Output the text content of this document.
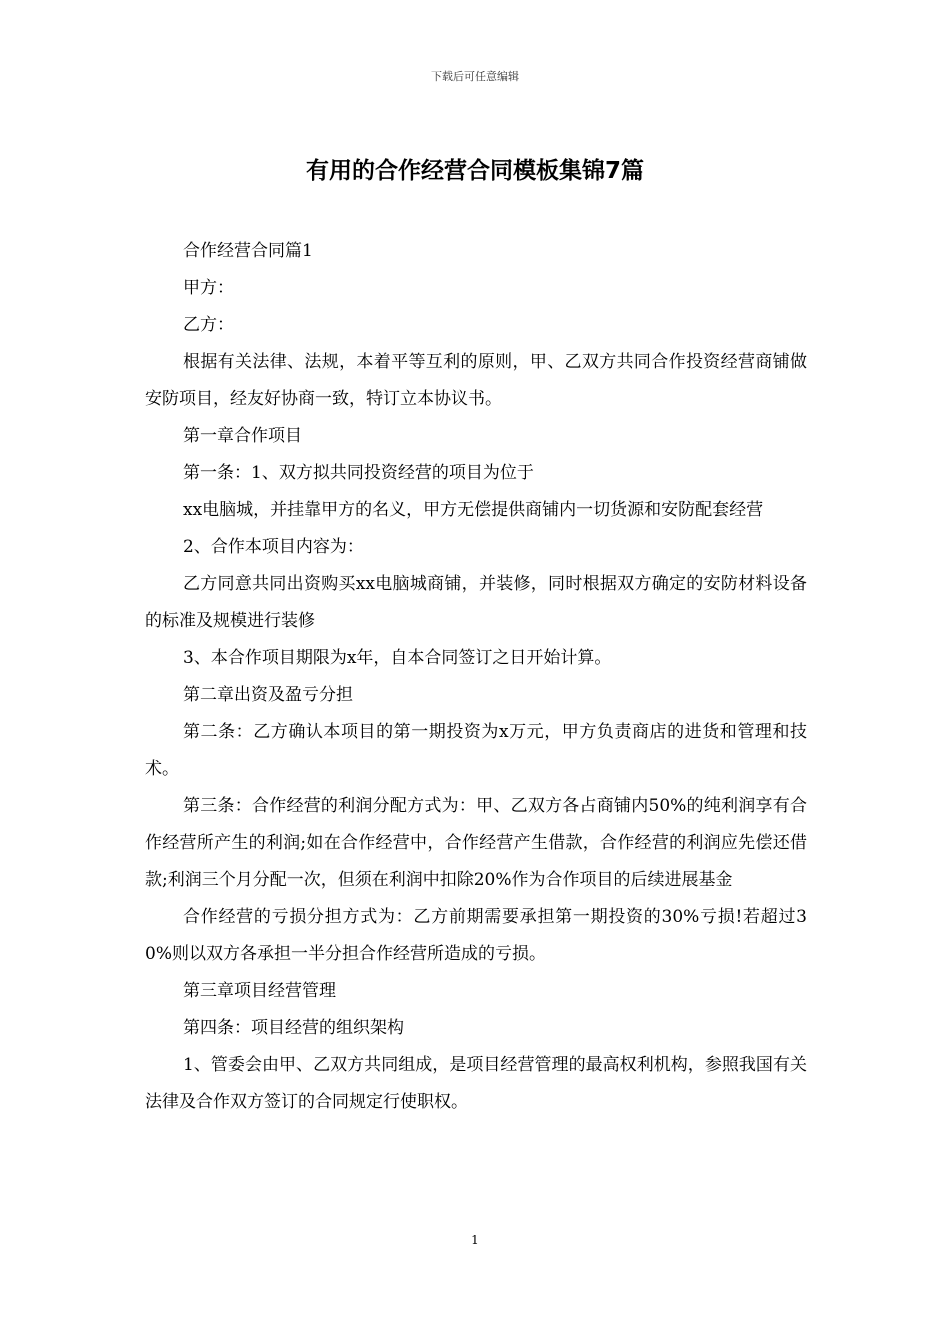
下载后可任意编辑
有用的合作经营合同模板集锦7篇

合作经营合同篇1

甲方：

乙方：

根据有关法律、法规，本着平等互利的原则，甲、乙双方共同合作投资经营商铺做安防项目，经友好协商一致，特订立本协议书。

第一章合作项目

第一条：1、双方拟共同投资经营的项目为位于

xx电脑城，并挂靠甲方的名义，甲方无偿提供商铺内一切货源和安防配套经营

2、合作本项目内容为：

乙方同意共同出资购买xx电脑城商铺，并装修，同时根据双方确定的安防材料设备的标准及规模进行装修

3、本合作项目期限为x年，自本合同签订之日开始计算。

第二章出资及盈亏分担

第二条：乙方确认本项目的第一期投资为x万元，甲方负责商店的进货和管理和技术。

第三条：合作经营的利润分配方式为：甲、乙双方各占商铺内50%的纯利润享有合作经营所产生的利润;如在合作经营中，合作经营产生借款，合作经营的利润应先偿还借款;利润三个月分配一次，但须在利润中扣除20%作为合作项目的后续进展基金

合作经营的亏损分担方式为：乙方前期需要承担第一期投资的30%亏损!若超过30%则以双方各承担一半分担合作经营所造成的亏损。

第三章项目经营管理

第四条：项目经营的组织架构

1、管委会由甲、乙双方共同组成，是项目经营管理的最高权利机构，参照我国有关法律及合作双方签订的合同规定行使职权。

1
